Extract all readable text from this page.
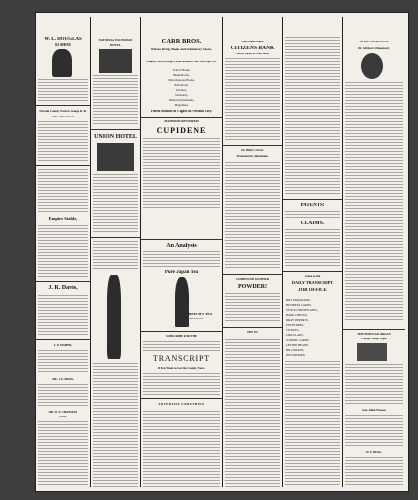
W. L. DOUGLAS
$3 SHOE
Nevada County Narrow Gauge R. R.
TIME TABLE No. 43.
Empire Stable,
J. R. Davis,
L. P. FISHER,
DR. J. F. SHAW,
DR. W. F. CHAPMAN
Dentist.
NATIONAL EXCHANGE
HOTEL
UNION HOTEL
CARR BROS.
Palace Drug, Book and Stationery Store,
Complete Stock of Drugs, Patent Medicines, Oils, Wall Paper, Etc.
School Books,
Blank Books,
Miscellaneous Books,
Periodicals,
Pictures,
Stationery,
Musical Instruments,
Magazines,
Finest Brands of Cigars in Nevada City.
MANHOOD RESTORED!
CUPIDENE
An Analysis
Pure Japan Tea
BEECH'S TEA
Just Received.
SUBSCRIBE FOR THE
TRANSCRIPT
If You Want to Get the County News.
ADVERTISE SOMETHING
Semi-Annual Report
CITIZENS BANK
And Its Agency at Grass Valley
Dr. Bixby's Fever
Treatment by Inhalation.
COMPOUND SULPHUR
POWDER!
TRY IT!
PATENTS!
CLAIMS.
Come to the
DAILY TRANSCRIPT
JOB OFFICE
BILL PROGRAMS,
BUSINESS CARDS,
STOCK CERTIFICATES,
BANK CHECKS,
DRAY REPORTS,
ENVELOPES,
TICKETS,
CIRCULARS,
SCHOOL CARDS,
LETTER HEADS,
BILL HEADS,
INVITATIONS,
TO THE UNFORTUNATE
Dr. Gibbon's Dispensary
THE POPULAR ORGAN
Chicago Cottage Organ
Geo. Allen Watson
W. F. DEAL,
